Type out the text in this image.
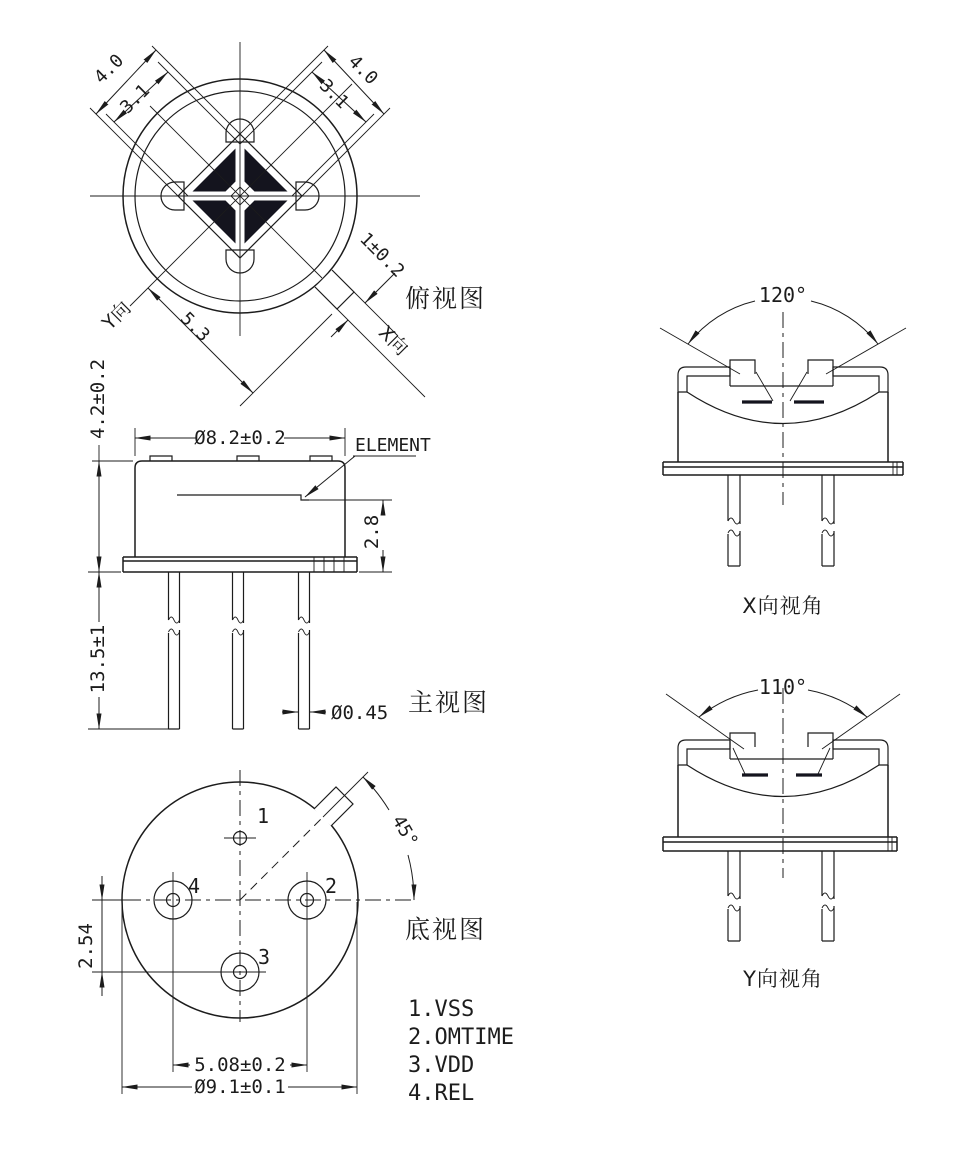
4.0
3.1
4.0
3.1
1±0.2
5.3
Y向
X向
俯视图
ELEMENT
Ø8.2±0.2
4.2±0.2
2.8
13.5±1
Ø0.45 主视图
1
2
3
4
45°
2.54
5.08±0.2
Ø9.1±0.1
底视图
1.VSS
2.OMTIME
3.VDD
4.REL
120°
X向视角
110°
Y向视角
